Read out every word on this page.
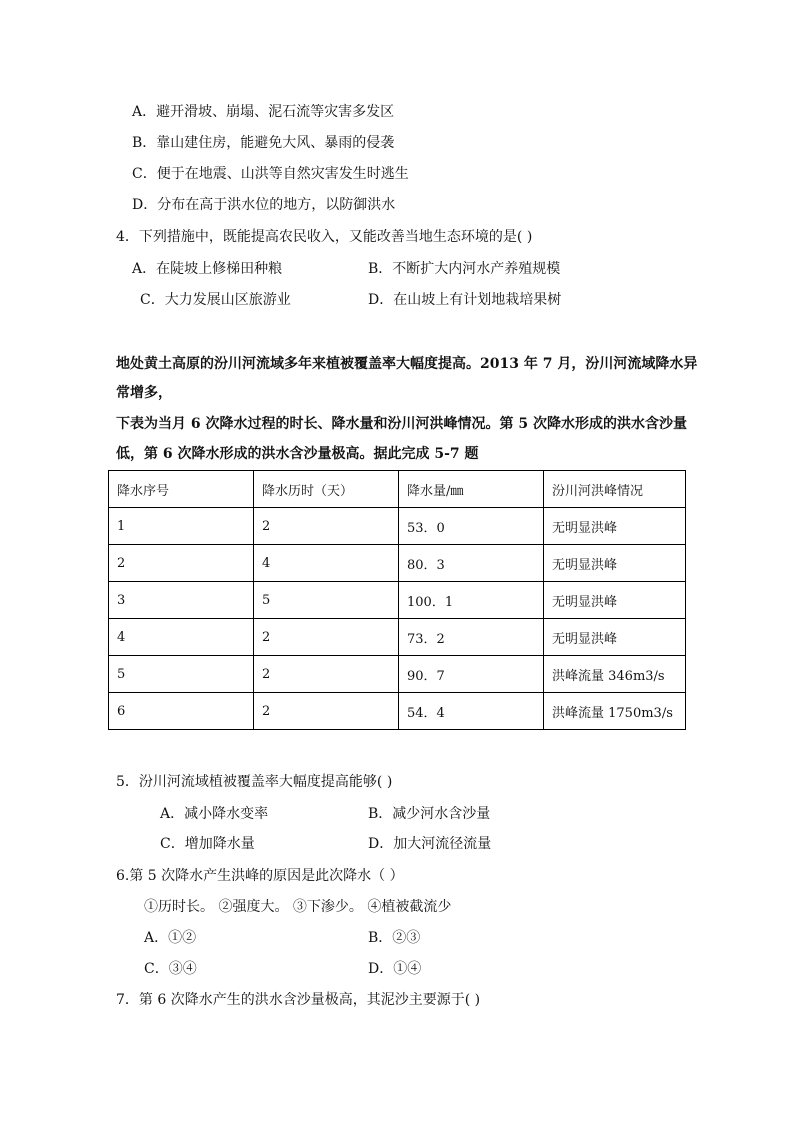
A．避开滑坡、崩塌、泥石流等灾害多发区
B．靠山建住房，能避免大风、暴雨的侵袭
C．便于在地震、山洪等自然灾害发生时逃生
D．分布在高于洪水位的地方，以防御洪水
4．下列措施中，既能提高农民收入，又能改善当地生态环境的是( )
A．在陡坡上修梯田种粮	B．不断扩大内河水产养殖规模
C．大力发展山区旅游业	D．在山坡上有计划地栽培果树
地处黄土高原的汾川河流域多年来植被覆盖率大幅度提高。2013 年 7 月，汾川河流域降水异
常增多，
下表为当月 6 次降水过程的时长、降水量和汾川河洪峰情况。第 5 次降水形成的洪水含沙量
低，第 6 次降水形成的洪水含沙量极高。据此完成 5-7 题
降水序号	降水历时（天）	降水量/㎜	汾川河洪峰情况
1	2	53．0	无明显洪峰
2	4	80．3	无明显洪峰
3	5	100．1	无明显洪峰
4	2	73．2	无明显洪峰
5	2	90．7	洪峰流量 346m3/s
6	2	54．4	洪峰流量 1750m3/s
5．汾川河流域植被覆盖率大幅度提高能够( )
A．减小降水变率	B．减少河水含沙量
C．增加降水量	D．加大河流径流量
6.第 5 次降水产生洪峰的原因是此次降水（ ）
①历时长。 ②强度大。 ③下渗少。 ④植被截流少
A．①②	B．②③
C．③④	D．①④
7．第 6 次降水产生的洪水含沙量极高，其泥沙主要源于( )
